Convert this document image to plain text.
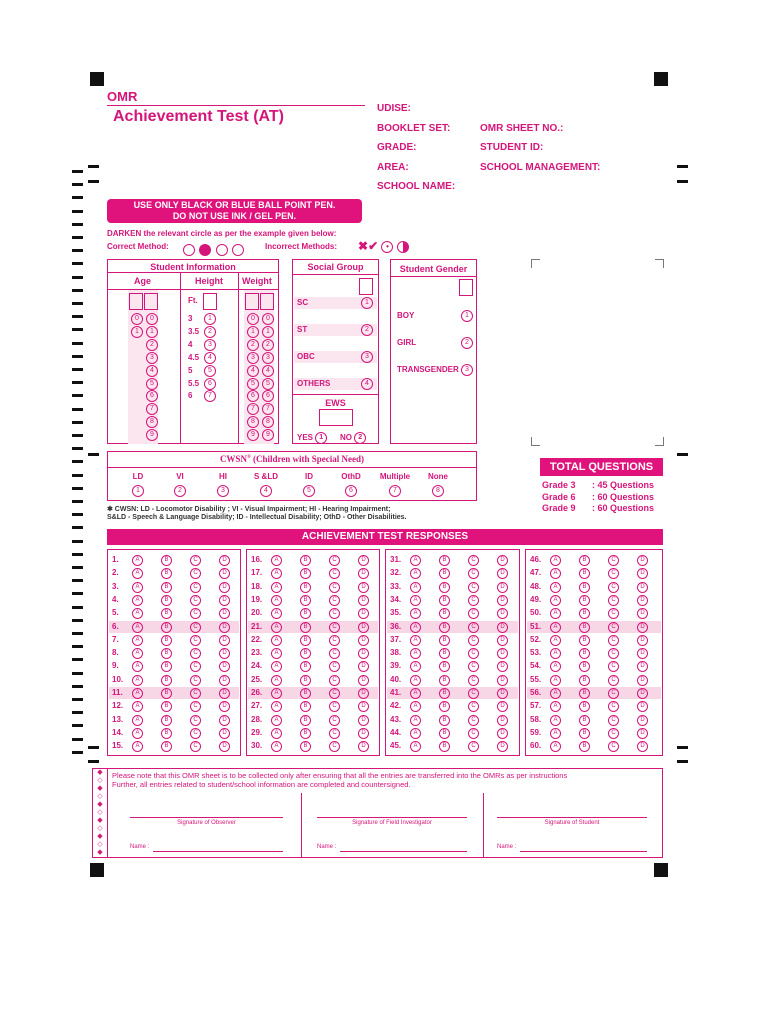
OMR
Achievement Test (AT)	UDISE:
BOOKLET SET:	OMR SHEET NO.:
GRADE:	STUDENT ID:
AREA:	SCHOOL MANAGEMENT:
SCHOOL NAME:
USE ONLY BLACK OR BLUE BALL POINT PEN.
DO NOT USE INK / GEL PEN.
DARKEN the relevant circle as per the example given below:
Correct Method:
	Incorrect Methods: ✖✔ •
Student Information
Age	Height Weight
Ft.
0	0
1	1
2
3
4
5
6
7
8
9
3	1
3.5	2
4	3
4.5	4
5	5
5.5	6
6	7
0	0
1	1
2	2
3	3
4	4
5	5
6	6
7	7
8	8
9	9
Social Group
SC	1
ST	2
OBC	3
OTHERS	4
EWS
YES 1	NO 2
Student Gender
BOY	1
GIRL	2
TRANSGENDER 3
CWSN® (Children with Special Need)
LD
1
VI
2
HI
3
S &LD
4
ID
5
OthD
6
Multiple
7
None
8
✱ CWSN: LD - Locomotor Disability ; VI - Visual Impairment; HI - Hearing Impairment;
S&LD - Speech & Language Disability; ID - Intellectual Disability; OthD - Other Disabilities.
TOTAL QUESTIONS
ACHIEVEMENT TEST RESPONSES
◆
◇
◆
◇
◆
◇
◆
◇
◆
◇
◆
Please note that this OMR sheet is to be collected only after ensuring that all the entries are transferred into the OMRs as per instructions
Further, all entries related to student/school information are completed and countersigned.
Signature of Observer	Signature of Field Investigator	Signature of Student
Name :	Name :	Name :
Grade 3 : 45 Questions
Grade 6 : 60 Questions
Grade 9 : 60 Questions
1.	A	B	C	D
2.	A	B	C	D
3.	A	B	C	D
4.	A	B	C	D
5.	A	B	C	D
6.	A	B	C	D
7.	A	B	C	D
8.	A	B	C	D
9.	A	B	C	D
10.	A	B	C	D
11.	A	B	C	D
12.	A	B	C	D
13.	A	B	C	D
14.	A	B	C	D
15.	A	B	C	D
16.	A	B	C	D
17.	A	B	C	D
18.	A	B	C	D
19.	A	B	C	D
20.	A	B	C	D
21.	A	B	C	D
22.	A	B	C	D
23.	A	B	C	D
24.	A	B	C	D
25.	A	B	C	D
26.	A	B	C	D
27.	A	B	C	D
28.	A	B	C	D
29.	A	B	C	D
30.	A	B	C	D
31.	A	B	C	D
32.	A	B	C	D
33.	A	B	C	D
34.	A	B	C	D
35.	A	B	C	D
36.	A	B	C	D
37.	A	B	C	D
38.	A	B	C	D
39.	A	B	C	D
40.	A	B	C	D
41.	A	B	C	D
42.	A	B	C	D
43.	A	B	C	D
44.	A	B	C	D
45.	A	B	C	D
46.	A	B	C	D
47.	A	B	C	D
48.	A	B	C	D
49.	A	B	C	D
50.	A	B	C	D
51.	A	B	C	D
52.	A	B	C	D
53.	A	B	C	D
54.	A	B	C	D
55.	A	B	C	D
56.	A	B	C	D
57.	A	B	C	D
58.	A	B	C	D
59.	A	B	C	D
60.	A	B	C	D
